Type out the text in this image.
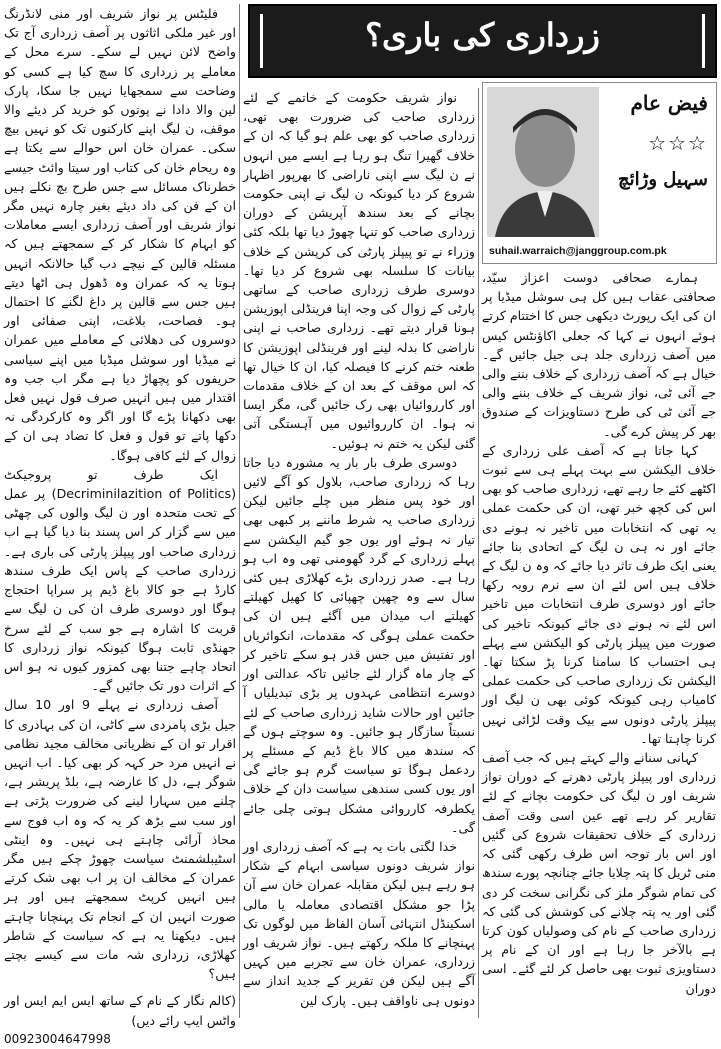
زرداری کی باری؟
فیض عام
☆☆☆
سہیل وڑائچ
suhail.warraich@janggroup.com.pk

ہمارے صحافی دوست اعزاز سیّد، صحافتی عقاب ہیں کل ہی سوشل میڈیا پر ان کی ایک رپورٹ دیکھی جس کا اختتام کرتے ہوئے انہوں نے کہا کہ جعلی اکاؤنٹس کیس میں آصف زرداری جلد ہی جیل جائیں گے۔ خیال ہے کہ آصف زرداری کے خلاف بننے والی جے آئی ٹی، نواز شریف کے خلاف بننے والی جے آئی ٹی کی طرح دستاویزات کے صندوق بھر کر پیش کرے گی۔

کہا جاتا ہے کہ آصف علی زرداری کے خلاف الیکشن سے بہت پہلے ہی سے ثبوت اکٹھے کئے جا رہے تھے، زرداری صاحب کو بھی اس کی کچھ خبر تھی، ان کی حکمت عملی یہ تھی کہ انتخابات میں تاخیر نہ ہونے دی جائے اور نہ ہی ن لیگ کے اتحادی بنا جائے یعنی ایک طرف تاثر دیا جائے کہ وہ ن لیگ کے خلاف ہیں اس لئے ان سے نرم رویہ رکھا جائے اور دوسری طرف انتخابات میں تاخیر اس لئے نہ ہونے دی جائے کیونکہ تاخیر کی صورت میں پیپلز پارٹی کو الیکشن سے پہلے ہی احتساب کا سامنا کرنا پڑ سکتا تھا۔ الیکشن تک زرداری صاحب کی حکمت عملی کامیاب رہی کیونکہ کوئی بھی ن لیگ اور پیپلز پارٹی دونوں سے بیک وقت لڑائی نہیں کرنا چاہتا تھا۔

کہانی سنانے والے کہتے ہیں کہ جب آصف زرداری اور پیپلز پارٹی دھرنے کے دوران نواز شریف اور ن لیگ کی حکومت بچانے کے لئے تقاریر کر رہے تھے عین اسی وقت آصف زرداری کے خلاف تحقیقات شروع کی گئیں اور اس بار توجہ اس طرف رکھی گئی کہ منی ٹریل کا پتہ چلایا جائے چنانچہ پورے سندھ کی تمام شوگر ملز کی نگرانی سخت کر دی گئی اور یہ پتہ چلانے کی کوشش کی گئی کہ زرداری صاحب کے نام کی وصولیاں کون کرتا ہے بالآخر جا رہا ہے اور ان کے نام پر دستاویزی ثبوت بھی حاصل کر لئے گئے۔ اسی دوران

نواز شریف حکومت کے خاتمے کے لئے زرداری صاحب کی ضرورت بھی تھی، زرداری صاحب کو بھی علم ہو گیا کہ ان کے خلاف گھیرا تنگ ہو رہا ہے ایسے میں انہوں نے ن لیگ سے اپنی ناراضی کا بھرپور اظہار شروع کر دیا کیونکہ ن لیگ نے اپنی حکومت بچانے کے بعد سندھ آپریشن کے دوران زرداری صاحب کو تنہا چھوڑ دیا تھا بلکہ کئی وزراء نے تو پیپلز پارٹی کی کرپشن کے خلاف بیانات کا سلسلہ بھی شروع کر دیا تھا۔ دوسری طرف زرداری صاحب کے ساتھی پارٹی کے زوال کی وجہ اپنا فرینڈلی اپوزیشن ہونا قرار دیتے تھے۔ زرداری صاحب نے اپنی ناراضی کا بدلہ لینے اور فرینڈلی اپوزیشن کا طعنہ ختم کرنے کا فیصلہ کیا، ان کا خیال تھا کہ اس موقف کے بعد ان کے خلاف مقدمات اور کارروائیاں بھی رک جائیں گی، مگر ایسا نہ ہوا۔ ان کارروائیوں میں آہستگی آتی گئی لیکن یہ ختم نہ ہوئیں۔

دوسری طرف بار بار یہ مشورہ دیا جاتا رہا کہ زرداری صاحب، بلاول کو آگے لائیں اور خود پس منظر میں چلے جائیں لیکن زرداری صاحب یہ شرط ماننے پر کبھی بھی تیار نہ ہوئے اور یوں جو گیم الیکشن سے پہلے زرداری کے گرد گھومنی تھی وہ اب ہو رہا ہے۔ صدر زرداری بڑے کھلاڑی ہیں کئی سال سے وہ چھپن چھپائی کا کھیل کھیلتے کھیلتے اب میدان میں آگئے ہیں ان کی حکمت عملی ہوگی کہ مقدمات، انکوائریاں اور تفتیش میں جس قدر ہو سکے تاخیر کر کے چار ماہ گزار لئے جائیں تاکہ عدالتی اور دوسرے انتظامی عہدوں پر بڑی تبدیلیاں آ جائیں اور حالات شاید زرداری صاحب کے لئے نسبتاً سازگار ہو جائیں۔ وہ سوچتے ہوں گے کہ سندھ میں کالا باغ ڈیم کے مسئلے پر ردعمل ہوگا تو سیاست گرم ہو جائے گی اور یوں کسی سندھی سیاست دان کے خلاف یکطرفہ کارروائی مشکل ہوتی چلی جائے گی۔

خدا لگتی بات یہ ہے کہ آصف زرداری اور نواز شریف دونوں سیاسی ابہام کے شکار ہو رہے ہیں لیکن مقابلہ عمران خان سے آن پڑا جو مشکل اقتصادی معاملہ یا مالی اسکینڈل انتہائی آسان الفاظ میں لوگوں تک پہنچانے کا ملکہ رکھتے ہیں۔ نواز شریف اور زرداری، عمران خان سے تجربے میں کہیں آگے ہیں لیکن فن تقریر کے جدید انداز سے دونوں ہی ناواقف ہیں۔ پارک لین

فلیٹس پر نواز شریف اور منی لانڈرنگ اور غیر ملکی اثاثوں پر آصف زرداری آج تک واضح لائن نہیں لے سکے۔ سرے محل کے معاملے پر زرداری کا سچ کیا ہے کسی کو وضاحت سے سمجھایا نہیں جا سکا، پارک لین والا دادا نے پوتوں کو خرید کر دیئے والا موقف، ن لیگ اپنے کارکنوں تک کو نہیں بیچ سکی۔ عمران خان اس حوالے سے یکتا ہے وہ ریحام خان کی کتاب اور سیتا وائٹ جیسے خطرناک مسائل سے جس طرح بچ نکلے ہیں ان کے فن کی داد دیئے بغیر چارہ نہیں مگر نواز شریف اور آصف زرداری ایسے معاملات کو ابہام کا شکار کر کے سمجھتے ہیں کہ مسئلہ قالین کے نیچے دب گیا حالانکہ انہیں ہوتا یہ کہ عمران وہ ڈھول ہی اٹھا دیتے ہیں جس سے قالین پر داغ لگنے کا احتمال ہو۔ فصاحت، بلاغت، اپنی صفائی اور دوسروں کی دھلائی کے معاملے میں عمران نے میڈیا اور سوشل میڈیا میں اپنے سیاسی حریفوں کو پچھاڑ دیا ہے مگر اب جب وہ اقتدار میں ہیں انہیں صرف قول نہیں فعل بھی دکھانا پڑے گا اور اگر وہ کارکردگی نہ دکھا پاتے تو قول و فعل کا تضاد ہی ان کے زوال کے لئے کافی ہوگا۔

ایک طرف تو پروجیکٹ (Decriminilazition of Politics) پر عمل کے تحت متحدہ اور ن لیگ والوں کی چھٹی میں سے گزار کر اس پسند بنا دیا گیا ہے اب زرداری صاحب اور پیپلز پارٹی کی باری ہے۔ زرداری صاحب کے پاس ایک طرف سندھ کارڈ ہے جو کالا باغ ڈیم پر سراپا احتجاج ہوگا اور دوسری طرف ان کی ن لیگ سے قربت کا اشارہ ہے جو سب کے لئے سرخ جھنڈی ثابت ہوگا کیونکہ نواز زرداری کا اتحاد چاہے جتنا بھی کمزور کیوں نہ ہو اس کے اثرات دور تک جائیں گے۔

آصف زرداری نے پہلے 9 اور 10 سال جیل بڑی پامردی سے کاٹی، ان کی بہادری کا اقرار تو ان کے نظریاتی مخالف مجید نظامی نے انہیں مرد حر کہہ کر بھی کیا۔ اب انہیں شوگر ہے، دل کا عارضہ ہے، بلڈ پریشر ہے، چلنے میں سہارا لینے کی ضرورت پڑتی ہے اور سب سے بڑھ کر یہ کہ وہ اب فوج سے محاذ آرائی چاہتے ہی نہیں۔ وہ اینٹی اسٹیبلشمنٹ سیاست چھوڑ چکے ہیں مگر عمران کے مخالف ان پر اب بھی شک کرتے ہیں انہیں کرپٹ سمجھتے ہیں اور ہر صورت انہیں ان کے انجام تک پہنچانا چاہتے ہیں۔ دیکھنا یہ ہے کہ سیاست کے شاطر کھلاڑی، زرداری شہ مات سے کیسے بچتے ہیں؟

(کالم نگار کے نام کے ساتھ ایس ایم ایس اور واٹس ایپ رائے دیں)

00923004647998
